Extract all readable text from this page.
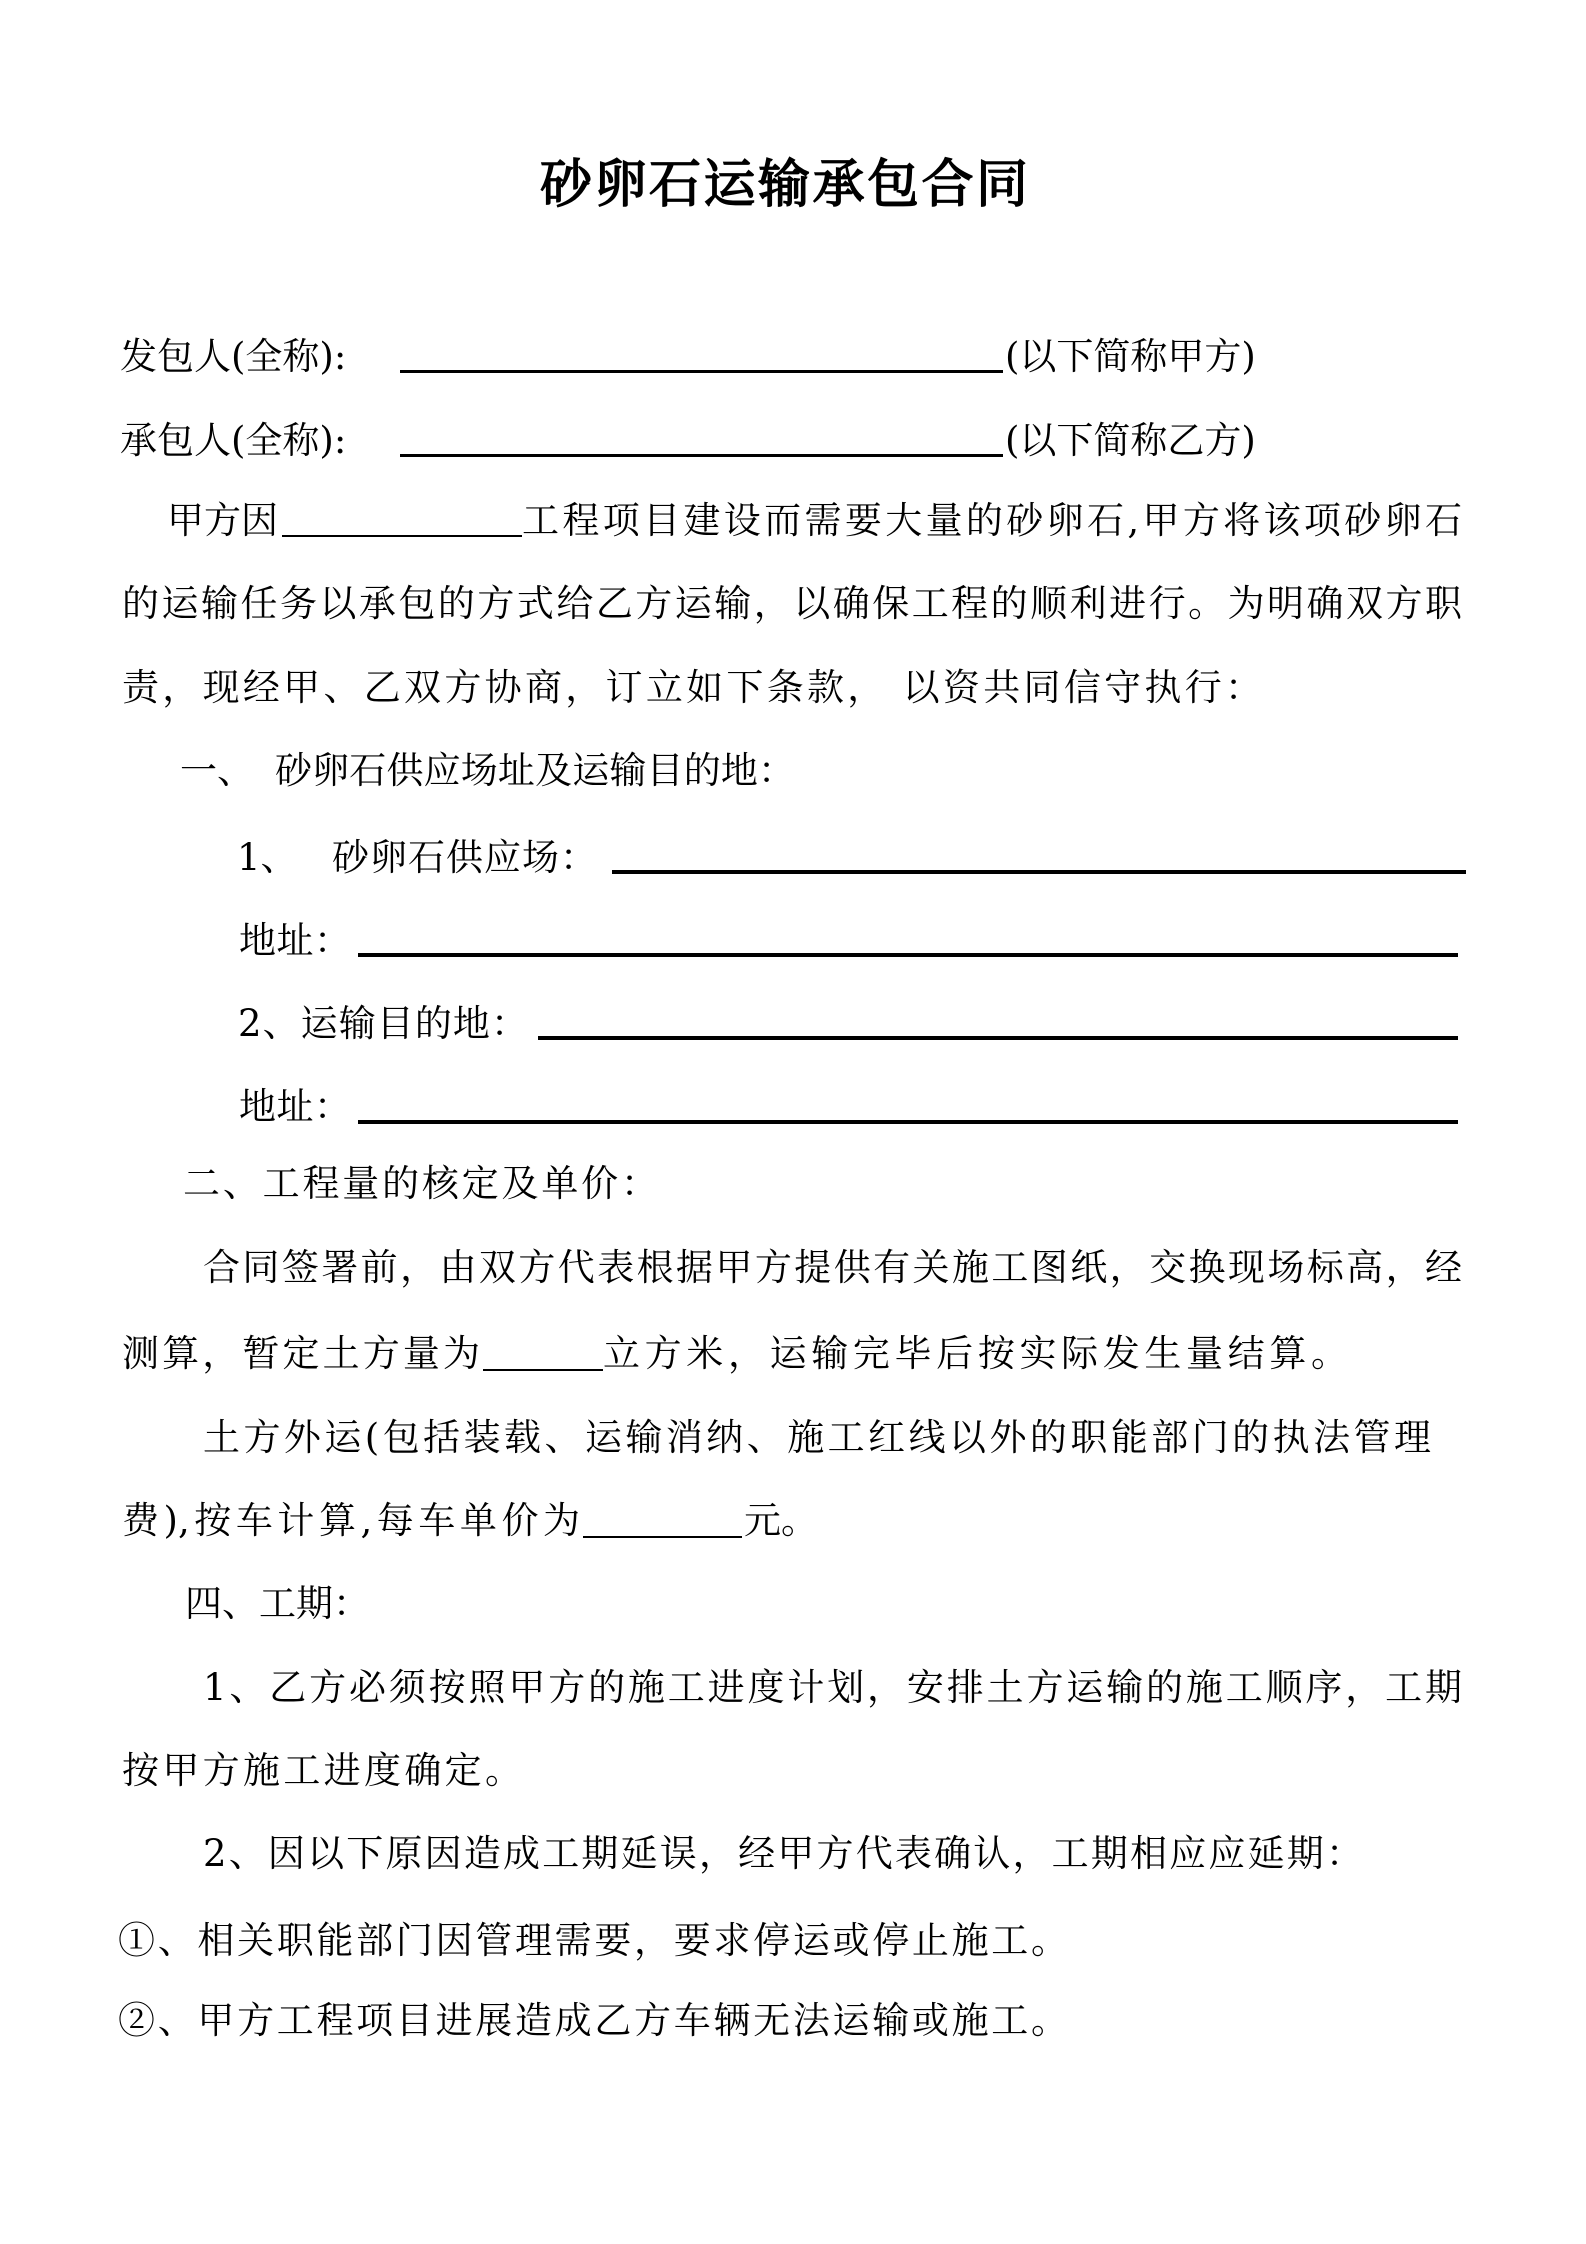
砂卵石运输承包合同
发包人(全称):	(以下简称甲方)
承包人(全称):	(以下简称乙方)
甲方因	工程项目建设而需要大量的砂卵石,甲方将该项砂卵石
的运输任务以承包的方式给乙方运输，以确保工程的顺利进行。为明确双方职
责，现经甲、乙双方协商，订立如下条款， 以资共同信守执行：
一、 砂卵石供应场址及运输目的地：
1、 砂卵石供应场：
地址：
2、运输目的地：
地址：
二、工程量的核定及单价：
合同签署前，由双方代表根据甲方提供有关施工图纸，交换现场标高，经
测算，暂定土方量为	立方米，运输完毕后按实际发生量结算。
土方外运(包括装载、运输消纳、施工红线以外的职能部门的执法管理
费),按车计算,每车单价为	元。
四、工期：
1、乙方必须按照甲方的施工进度计划，安排土方运输的施工顺序，工期
按甲方施工进度确定。
2、因以下原因造成工期延误，经甲方代表确认，工期相应应延期：
①、相关职能部门因管理需要，要求停运或停止施工。
②、甲方工程项目进展造成乙方车辆无法运输或施工。
